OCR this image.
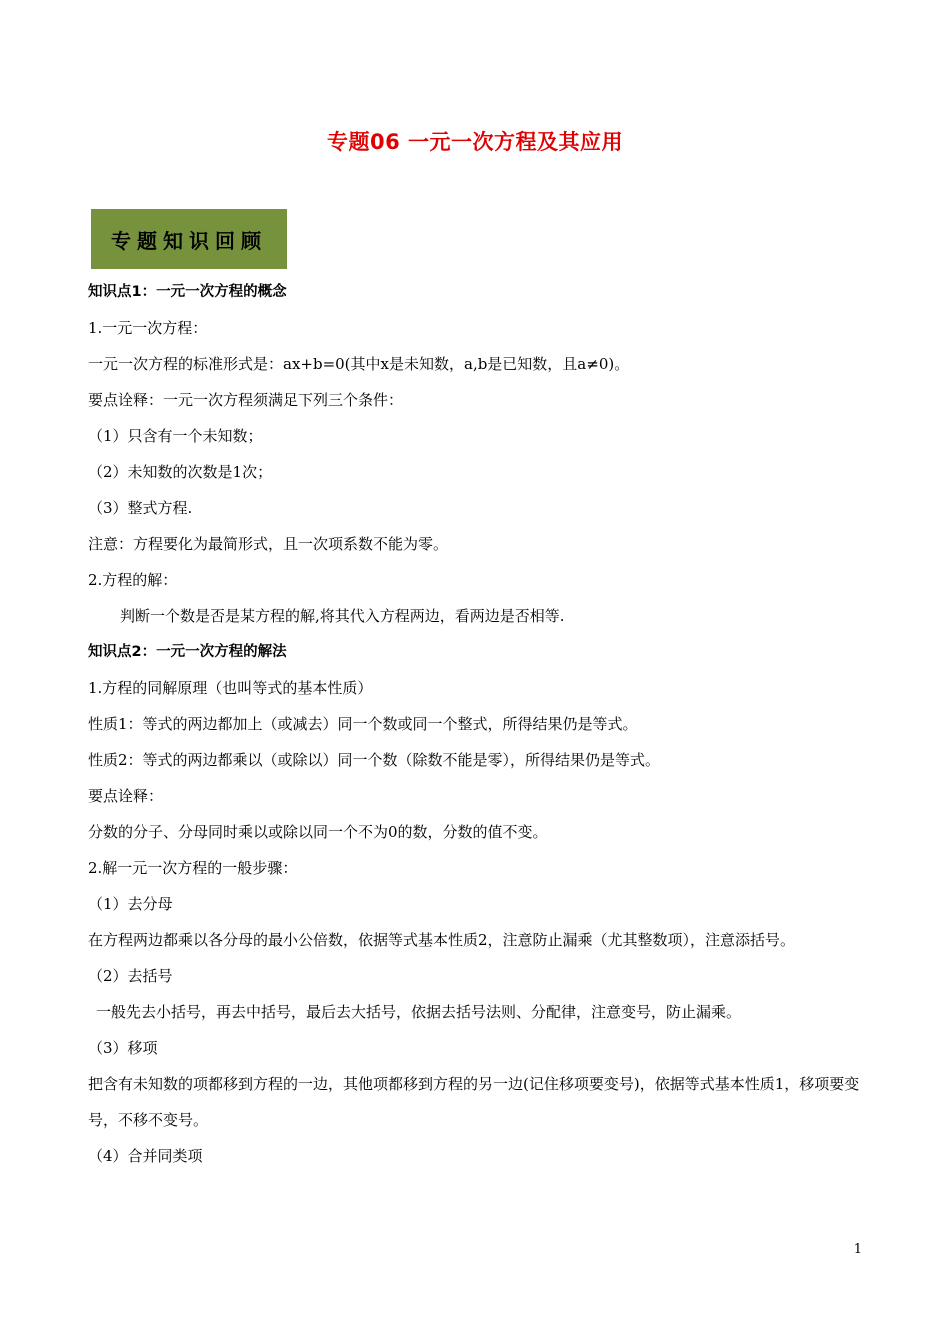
专题06 一元一次方程及其应用
专题知识回顾
知识点1：一元一次方程的概念
1.一元一次方程：
一元一次方程的标准形式是：ax+b=0(其中x是未知数，a,b是已知数，且a≠0)。
要点诠释：一元一次方程须满足下列三个条件：
（1）只含有一个未知数；
（2）未知数的次数是1次；
（3）整式方程.
注意：方程要化为最简形式，且一次项系数不能为零。
2.方程的解：
判断一个数是否是某方程的解,将其代入方程两边，看两边是否相等.
知识点2：一元一次方程的解法
1.方程的同解原理（也叫等式的基本性质）
性质1：等式的两边都加上（或减去）同一个数或同一个整式，所得结果仍是等式。
性质2：等式的两边都乘以（或除以）同一个数（除数不能是零），所得结果仍是等式。
要点诠释：
分数的分子、分母同时乘以或除以同一个不为0的数，分数的值不变。
2.解一元一次方程的一般步骤：
（1）去分母
在方程两边都乘以各分母的最小公倍数，依据等式基本性质2，注意防止漏乘（尤其整数项），注意添括号。
（2）去括号
一般先去小括号，再去中括号，最后去大括号，依据去括号法则、分配律，注意变号，防止漏乘。
（3）移项
把含有未知数的项都移到方程的一边，其他项都移到方程的另一边(记住移项要变号)，依据等式基本性质1，移项要变号，不移不变号。
（4）合并同类项
1
